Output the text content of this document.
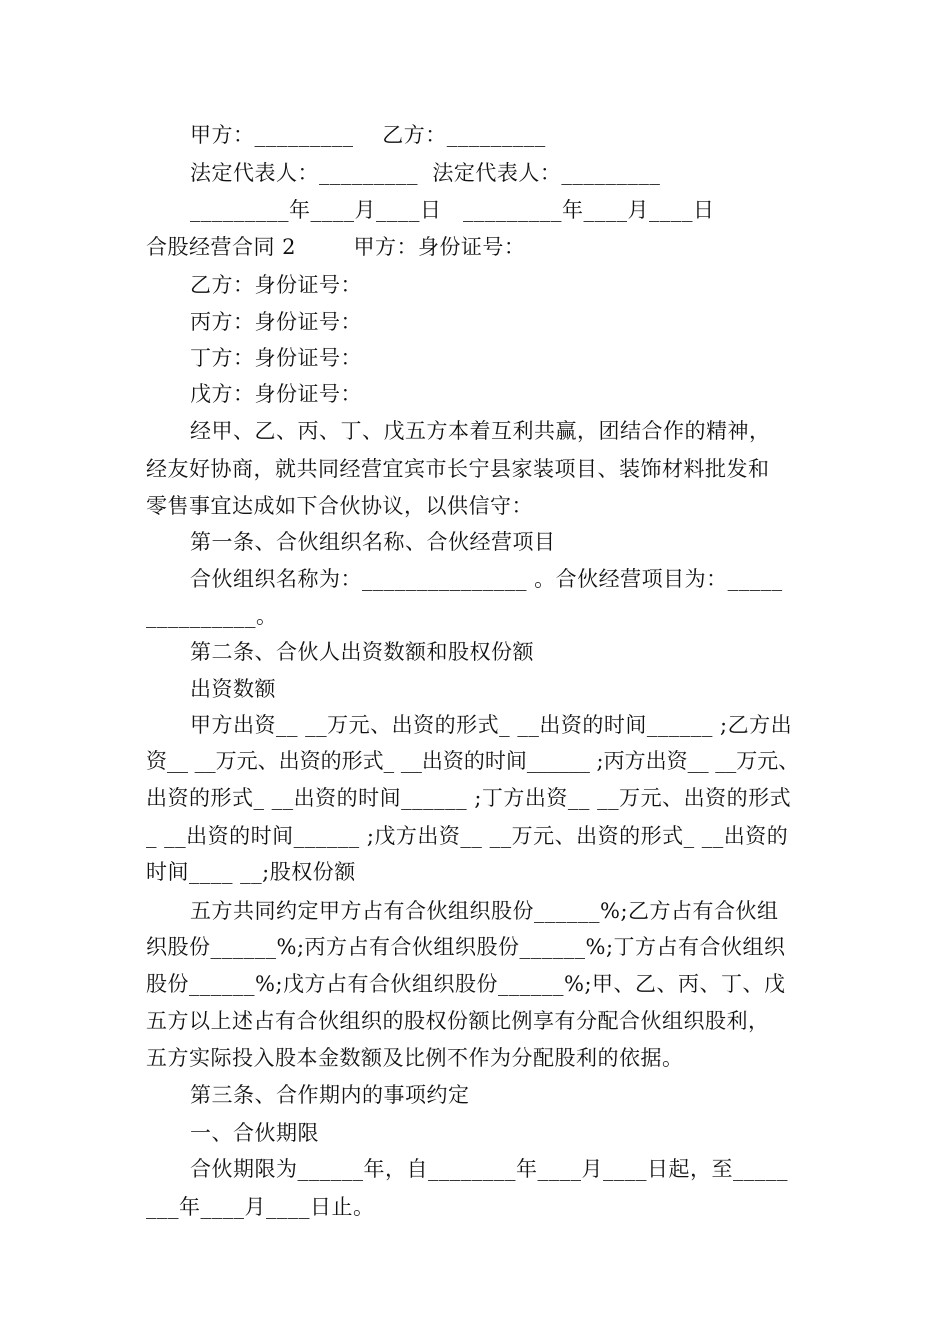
甲方：_________    乙方：_________
法定代表人：_________  法定代表人：_________
_________年____月____日   _________年____月____日
合股经营合同 2        甲方：身份证号：
乙方：身份证号：
丙方：身份证号：
丁方：身份证号：
戊方：身份证号：
经甲、乙、丙、丁、戊五方本着互利共赢，团结合作的精神，
经友好协商，就共同经营宜宾市长宁县家装项目、装饰材料批发和
零售事宜达成如下合伙协议，以供信守：
第一条、合伙组织名称、合伙经营项目
合伙组织名称为：_______________ 。合伙经营项目为：_____
__________。
第二条、合伙人出资数额和股权份额
出资数额
甲方出资__ __万元、出资的形式_ __出资的时间______ ;乙方出
资__ __万元、出资的形式_ __出资的时间______ ;丙方出资__ __万元、
出资的形式_ __出资的时间______ ;丁方出资__ __万元、出资的形式
_ __出资的时间______ ;戊方出资__ __万元、出资的形式_ __出资的
时间____ __;股权份额
五方共同约定甲方占有合伙组织股份______%;乙方占有合伙组
织股份______%;丙方占有合伙组织股份______%;丁方占有合伙组织
股份______%;戊方占有合伙组织股份______%;甲、乙、丙、丁、戊
五方以上述占有合伙组织的股权份额比例享有分配合伙组织股利，
五方实际投入股本金数额及比例不作为分配股利的依据。
第三条、合作期内的事项约定
一、合伙期限
合伙期限为______年，自________年____月____日起，至_____
___年____月____日止。
